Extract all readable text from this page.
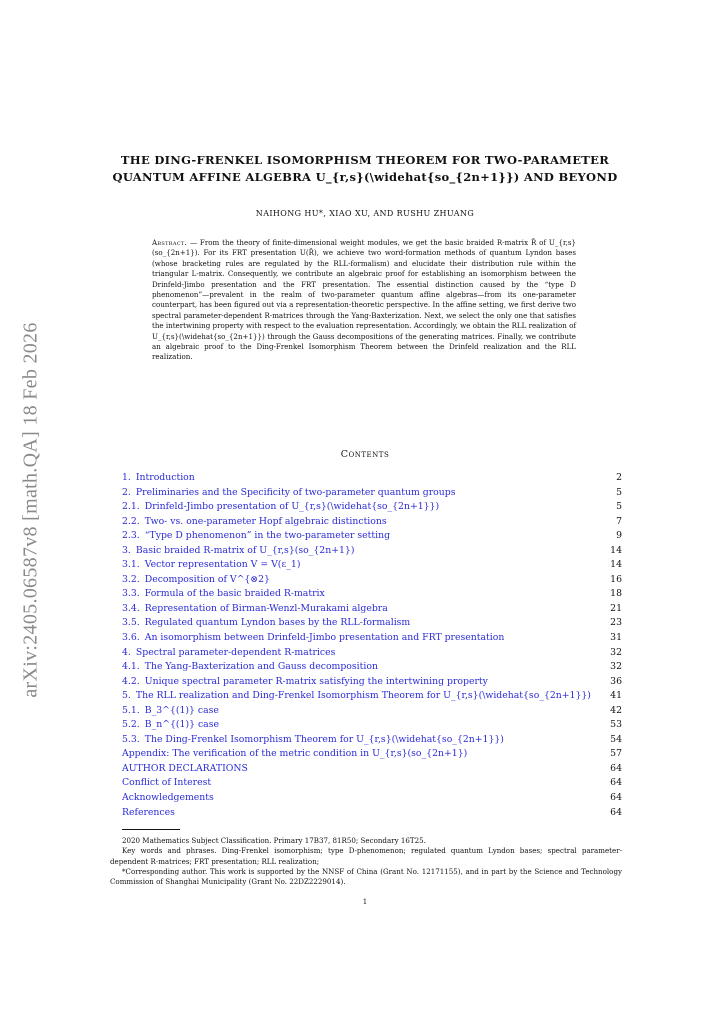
arXiv:2405.06587v8 [math.QA] 18 Feb 2026
THE DING-FRENKEL ISOMORPHISM THEOREM FOR TWO-PARAMETER
QUANTUM AFFINE ALGEBRA U_{r,s}(\widehat{so_{2n+1}}) AND BEYOND
NAIHONG HU*, XIAO XU, AND RUSHU ZHUANG
Abstract. — From the theory of finite-dimensional weight modules, we get the basic braided R-matrix R̂ of U_{r,s}(so_{2n+1}). For its FRT presentation U(R̂), we achieve two word-formation methods of quantum Lyndon bases (whose bracketing rules are regulated by the RLL-formalism) and elucidate their distribution rule within the triangular L-matrix. Consequently, we contribute an algebraic proof for establishing an isomorphism between the Drinfeld-Jimbo presentation and the FRT presentation. The essential distinction caused by the “type D phenomenon”—prevalent in the realm of two-parameter quantum affine algebras—from its one-parameter counterpart, has been figured out via a representation-theoretic perspective. In the affine setting, we first derive two spectral parameter-dependent R-matrices through the Yang-Baxterization. Next, we select the only one that satisfies the intertwining property with respect to the evaluation representation. Accordingly, we obtain the RLL realization of U_{r,s}(\widehat{so_{2n+1}}) through the Gauss decompositions of the generating matrices. Finally, we contribute an algebraic proof to the Ding-Frenkel Isomorphism Theorem between the Drinfeld realization and the RLL realization.
Contents
1. Introduction	2
2. Preliminaries and the Specificity of two-parameter quantum groups	5
2.1. Drinfeld-Jimbo presentation of U_{r,s}(\widehat{so_{2n+1}})	5
2.2. Two- vs. one-parameter Hopf algebraic distinctions	7
2.3. “Type D phenomenon” in the two-parameter setting	9
3. Basic braided R-matrix of U_{r,s}(so_{2n+1})	14
3.1. Vector representation V = V(ε_1)	14
3.2. Decomposition of V^{⊗2}	16
3.3. Formula of the basic braided R-matrix	18
3.4. Representation of Birman-Wenzl-Murakami algebra	21
3.5. Regulated quantum Lyndon bases by the RLL-formalism	23
3.6. An isomorphism between Drinfeld-Jimbo presentation and FRT presentation	31
4. Spectral parameter-dependent R-matrices	32
4.1. The Yang-Baxterization and Gauss decomposition	32
4.2. Unique spectral parameter R-matrix satisfying the intertwining property	36
5. The RLL realization and Ding-Frenkel Isomorphism Theorem for U_{r,s}(\widehat{so_{2n+1}}) 41
5.1. B_3^{(1)} case	42
5.2. B_n^{(1)} case	53
5.3. The Ding-Frenkel Isomorphism Theorem for U_{r,s}(\widehat{so_{2n+1}})	54
Appendix: The verification of the metric condition in U_{r,s}(so_{2n+1})	57
AUTHOR DECLARATIONS	64
Conflict of Interest	64
Acknowledgements	64
References	64

2020 Mathematics Subject Classification. Primary 17B37, 81R50; Secondary 16T25.

Key words and phrases. Ding-Frenkel isomorphism; type D-phenomenon; regulated quantum Lyndon bases; spectral parameter-dependent R-matrices; FRT presentation; RLL realization;

*Corresponding author. This work is supported by the NNSF of China (Grant No. 12171155), and in part by the Science and Technology Commission of Shanghai Municipality (Grant No. 22DZ2229014).

1
